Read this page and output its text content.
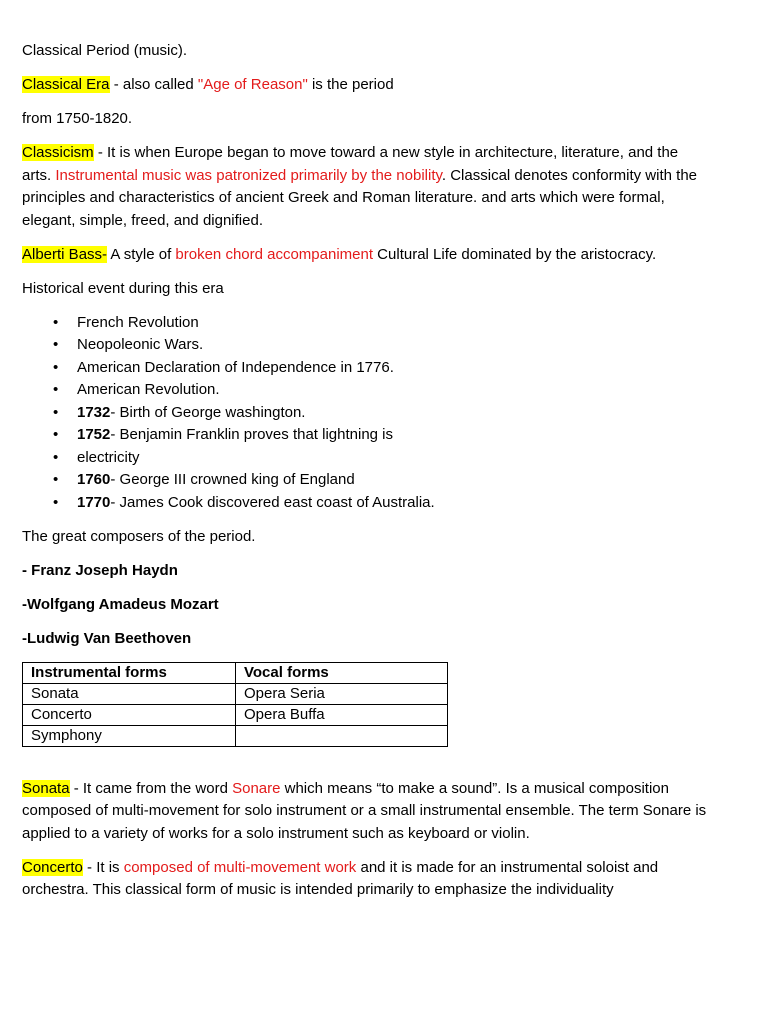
Classical Period (music).

Classical Era - also called "Age of Reason" is the period

from 1750-1820.

Classicism - It is when Europe began to move toward a new style in architecture, literature, and the arts. Instrumental music was patronized primarily by the nobility. Classical denotes conformity with the principles and characteristics of ancient Greek and Roman literature. and arts which were formal, elegant, simple, freed, and dignified.

Alberti Bass- A style of broken chord accompaniment Cultural Life dominated by the aristocracy.

Historical event during this era

• French Revolution
• Neopoleonic Wars.
• American Declaration of Independence in 1776.
• American Revolution.
• 1732- Birth of George washington.
• 1752- Benjamin Franklin proves that lightning is
• electricity
• 1760- George III crowned king of England
• 1770- James Cook discovered east coast of Australia.

The great composers of the period.

- Franz Joseph Haydn

-Wolfgang Amadeus Mozart

-Ludwig Van Beethoven

Instrumental forms	Vocal forms
Sonata	Opera Seria
Concerto	Opera Buffa
Symphony	

Sonata - It came from the word Sonare which means “to make a sound”. Is a musical composition composed of multi-movement for solo instrument or a small instrumental ensemble. The term Sonare is applied to a variety of works for a solo instrument such as keyboard or violin.

Concerto - It is composed of multi-movement work and it is made for an instrumental soloist and orchestra. This classical form of music is intended primarily to emphasize the individuality
